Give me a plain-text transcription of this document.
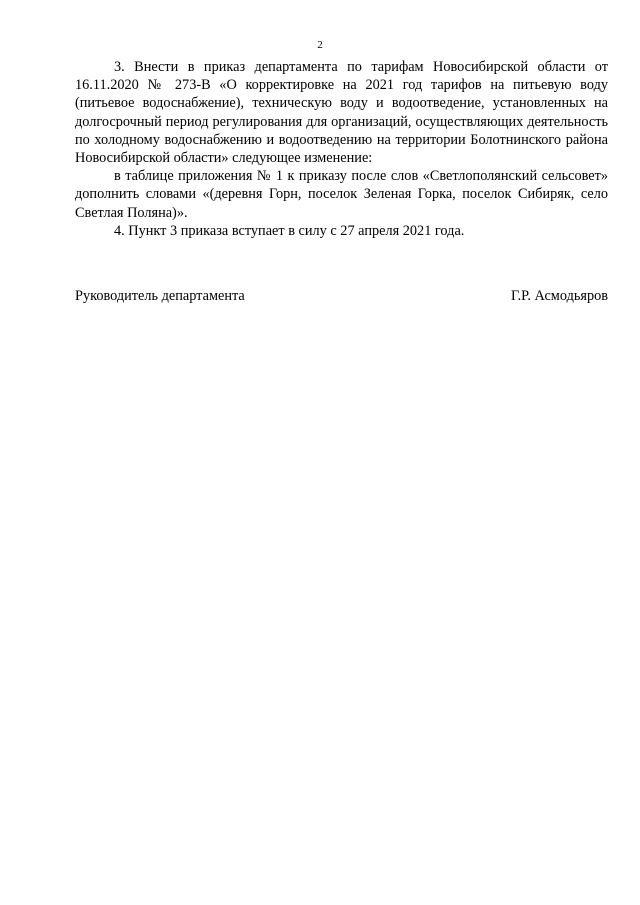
2

3. Внести в приказ департамента по тарифам Новосибирской области от 16.11.2020 № 273-В «О корректировке на 2021 год тарифов на питьевую воду (питьевое водоснабжение), техническую воду и водоотведение, установленных на долгосрочный период регулирования для организаций, осуществляющих деятельность по холодному водоснабжению и водоотведению на территории Болотнинского района Новосибирской области» следующее изменение:

в таблице приложения № 1 к приказу после слов «Светлополянский сельсовет» дополнить словами «(деревня Горн, поселок Зеленая Горка, поселок Сибиряк, село Светлая Поляна)».

4. Пункт 3 приказа вступает в силу с 27 апреля 2021 года.

Руководитель департамента	Г.Р. Асмодьяров
